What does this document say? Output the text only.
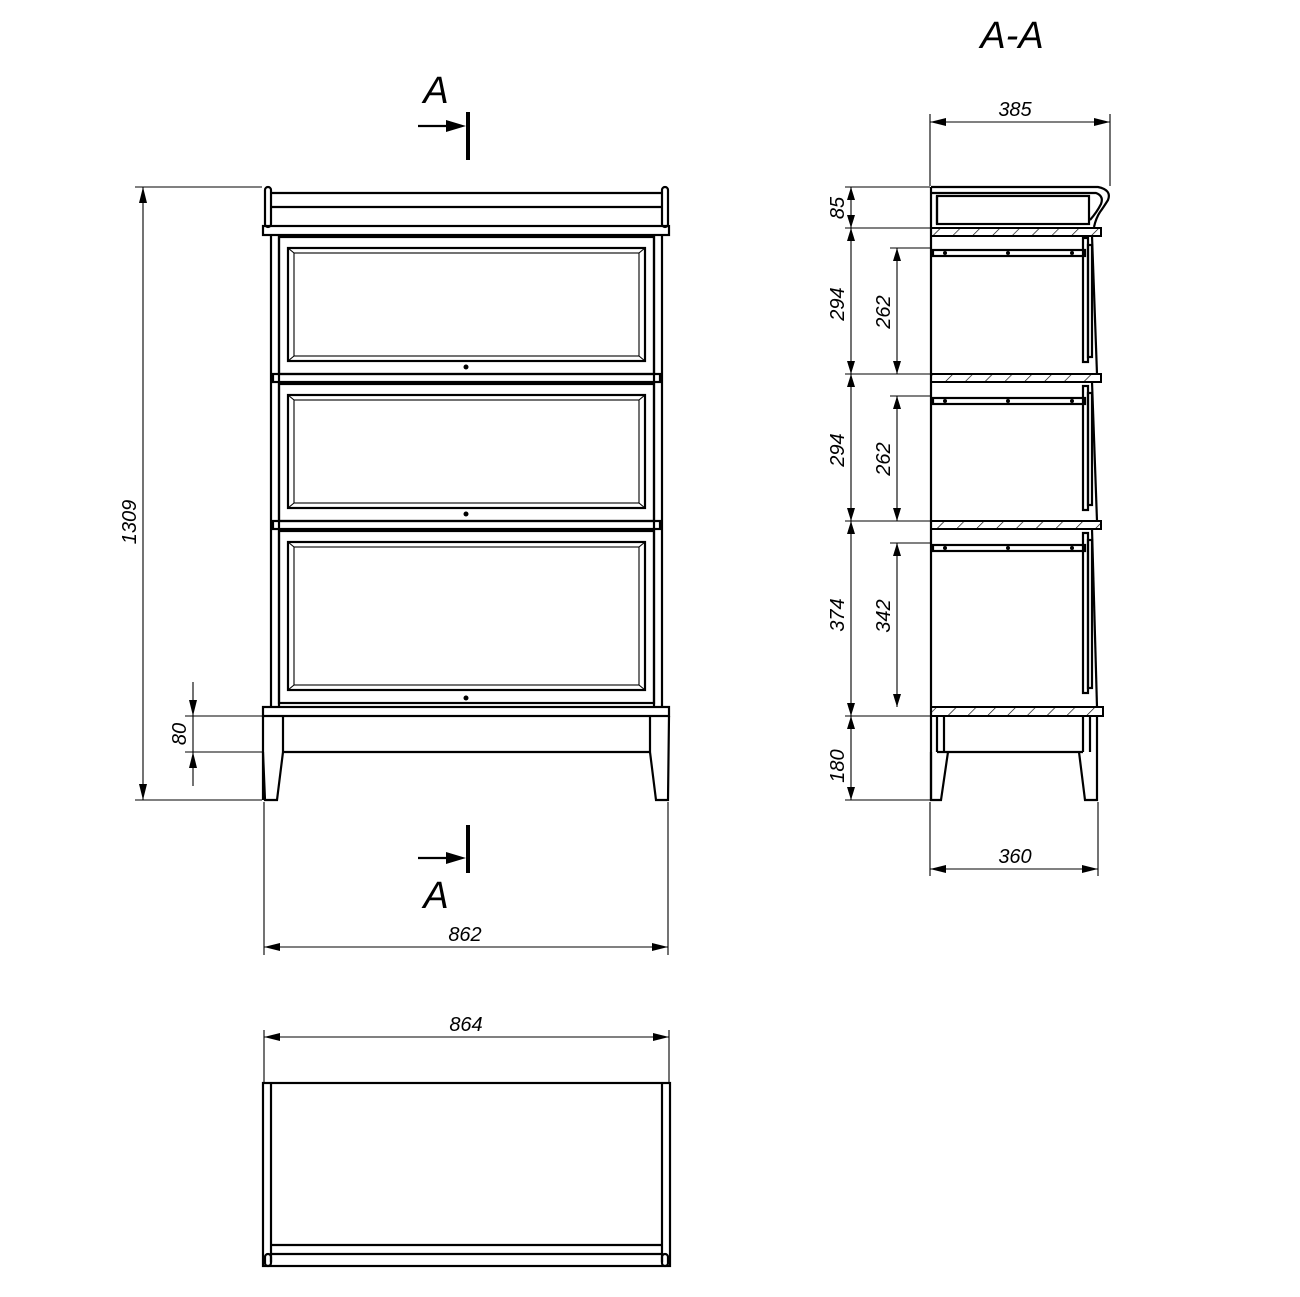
1309
80
862
A
A
864
A-A
385
85
294
294
374
180
262
262
342
360
